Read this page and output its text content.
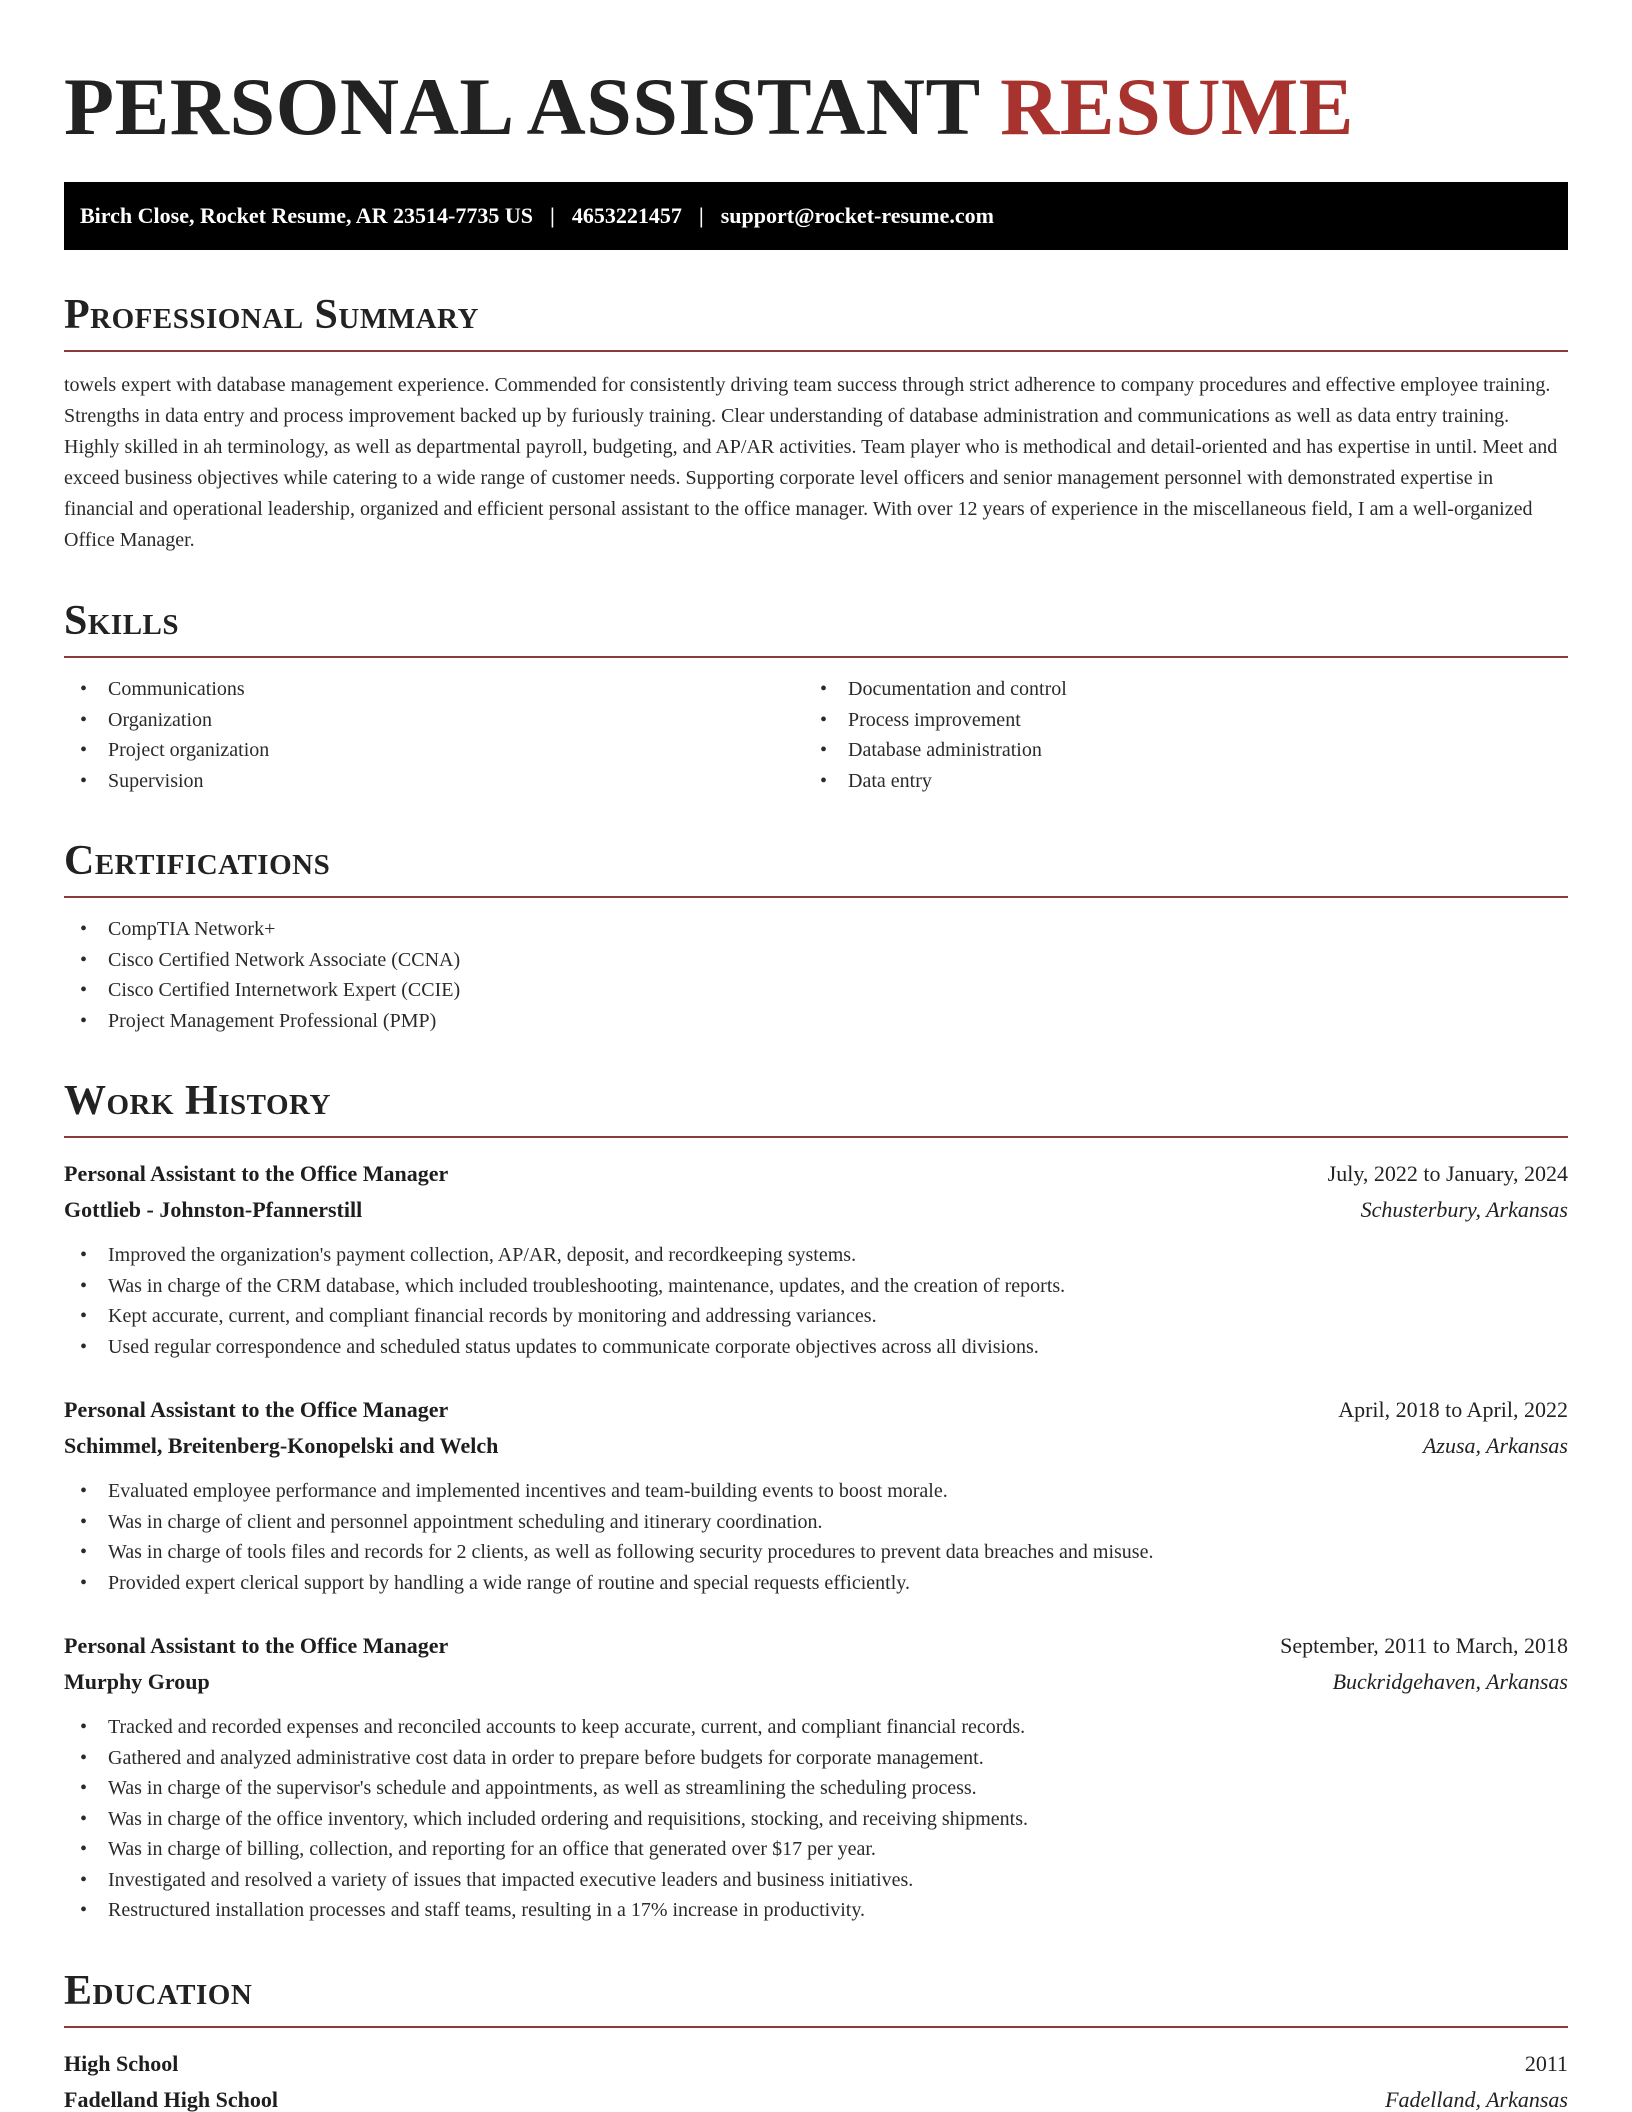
PERSONAL ASSISTANT RESUME
Birch Close, Rocket Resume, AR 23514-7735 US | 4653221457 | support@rocket-resume.com
Professional Summary

towels expert with database management experience. Commended for consistently driving team success through strict adherence to company procedures and effective employee training. Strengths in data entry and process improvement backed up by furiously training. Clear understanding of database administration and communications as well as data entry training. Highly skilled in ah terminology, as well as departmental payroll, budgeting, and AP/AR activities. Team player who is methodical and detail-oriented and has expertise in until. Meet and exceed business objectives while catering to a wide range of customer needs. Supporting corporate level officers and senior management personnel with demonstrated expertise in financial and operational leadership, organized and efficient personal assistant to the office manager. With over 12 years of experience in the miscellaneous field, I am a well-organized Office Manager.

Skills
• Communications
• Organization
• Project organization
• Supervision
• Documentation and control
• Process improvement
• Database administration
• Data entry
Certifications
• CompTIA Network+
• Cisco Certified Network Associate (CCNA)
• Cisco Certified Internetwork Expert (CCIE)
• Project Management Professional (PMP)
Work History
Personal Assistant to the Office Manager	July, 2022 to January, 2024
Gottlieb - Johnston-Pfannerstill	Schusterbury, Arkansas
• Improved the organization's payment collection, AP/AR, deposit, and recordkeeping systems.
• Was in charge of the CRM database, which included troubleshooting, maintenance, updates, and the creation of reports.
• Kept accurate, current, and compliant financial records by monitoring and addressing variances.
• Used regular correspondence and scheduled status updates to communicate corporate objectives across all divisions.
Personal Assistant to the Office Manager	April, 2018 to April, 2022
Schimmel, Breitenberg-Konopelski and Welch	Azusa, Arkansas
• Evaluated employee performance and implemented incentives and team-building events to boost morale.
• Was in charge of client and personnel appointment scheduling and itinerary coordination.
• Was in charge of tools files and records for 2 clients, as well as following security procedures to prevent data breaches and misuse.
• Provided expert clerical support by handling a wide range of routine and special requests efficiently.
Personal Assistant to the Office Manager	September, 2011 to March, 2018
Murphy Group	Buckridgehaven, Arkansas
• Tracked and recorded expenses and reconciled accounts to keep accurate, current, and compliant financial records.
• Gathered and analyzed administrative cost data in order to prepare before budgets for corporate management.
• Was in charge of the supervisor's schedule and appointments, as well as streamlining the scheduling process.
• Was in charge of the office inventory, which included ordering and requisitions, stocking, and receiving shipments.
• Was in charge of billing, collection, and reporting for an office that generated over $17 per year.
• Investigated and resolved a variety of issues that impacted executive leaders and business initiatives.
• Restructured installation processes and staff teams, resulting in a 17% increase in productivity.
Education
High School	2011
Fadelland High School	Fadelland, Arkansas
